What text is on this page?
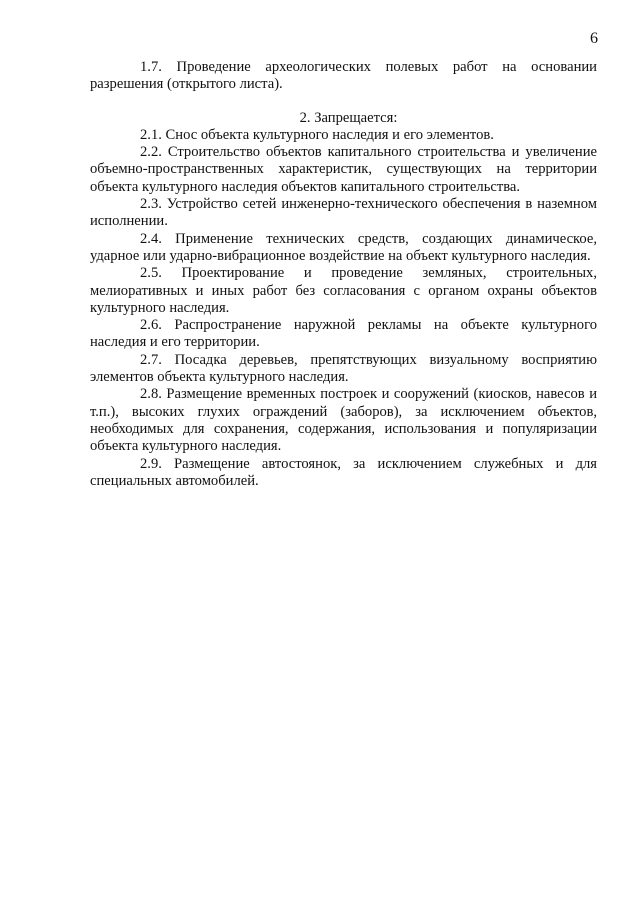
6

1.7. Проведение археологических полевых работ на основании разрешения (открытого листа).

2. Запрещается:

2.1. Снос объекта культурного наследия и его элементов.

2.2. Строительство объектов капитального строительства и увеличение объемно-пространственных характеристик, существующих на территории объекта культурного наследия объектов капитального строительства.

2.3. Устройство сетей инженерно-технического обеспечения в наземном исполнении.

2.4. Применение технических средств, создающих динамическое, ударное или ударно-вибрационное воздействие на объект культурного наследия.

2.5. Проектирование и проведение земляных, строительных, мелиоративных и иных работ без согласования с органом охраны объектов культурного наследия.

2.6. Распространение наружной рекламы на объекте культурного наследия и его территории.

2.7. Посадка деревьев, препятствующих визуальному восприятию элементов объекта культурного наследия.

2.8. Размещение временных построек и сооружений (киосков, навесов и т.п.), высоких глухих ограждений (заборов), за исключением объектов, необходимых для сохранения, содержания, использования и популяризации объекта культурного наследия.

2.9. Размещение автостоянок, за исключением служебных и для специальных автомобилей.
